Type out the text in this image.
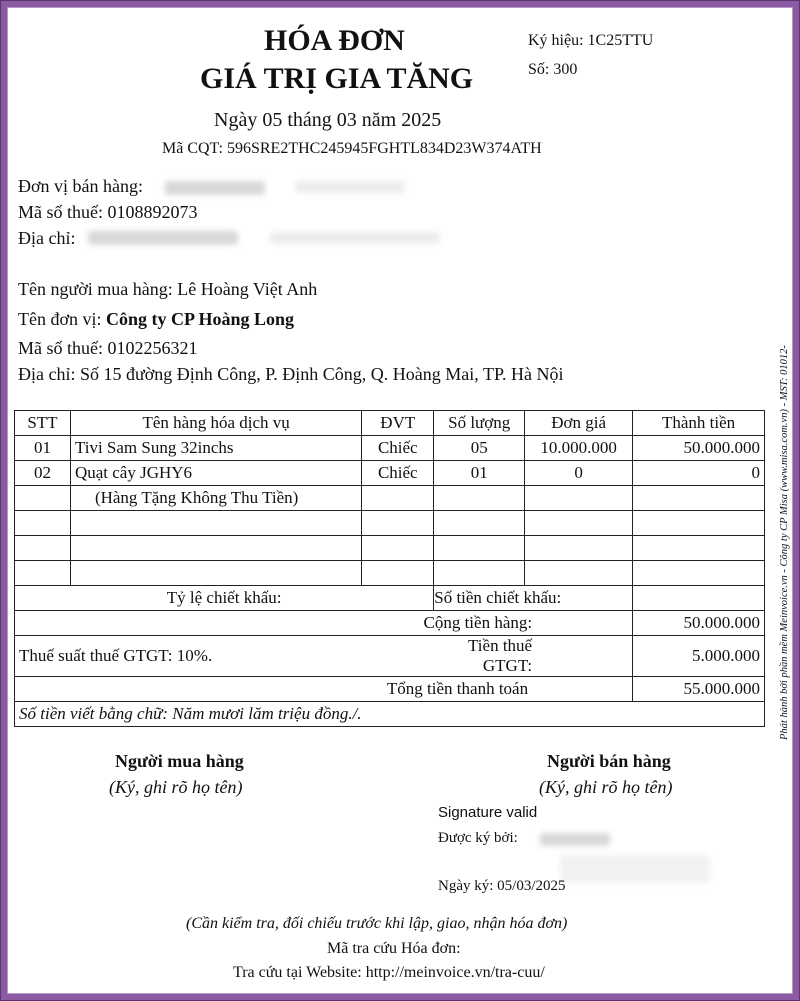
HÓA ĐƠN
GIÁ TRỊ GIA TĂNG
Ký hiệu: 1C25TTU
Số: 300
Ngày 05 tháng 03 năm 2025
Mã CQT: 596SRE2THC245945FGHTL834D23W374ATH
Đơn vị bán hàng:
Mã số thuế: 0108892073
Địa chỉ:
Tên người mua hàng: Lê Hoàng Việt Anh
Tên đơn vị: Công ty CP Hoàng Long
Mã số thuế: 0102256321
Địa chỉ: Số 15 đường Định Công, P. Định Công, Q. Hoàng Mai, TP. Hà Nội
STT	Tên hàng hóa dịch vụ	ĐVT	Số lượng	Đơn giá	Thành tiền
01	Tivi Sam Sung 32inchs	Chiếc	05	10.000.000	50.000.000
02	Quạt cây JGHY6	Chiếc	01	0	0
	(Hàng Tặng Không Thu Tiền)				

Tỷ lệ chiết khấu:			Số tiền chiết khấu:		
Cộng tiền hàng:					50.000.000
Thuế suất thuế GTGT: 10%.			Tiền thuế GTGT:		5.000.000
Tổng tiền thanh toán					55.000.000
Số tiền viết bằng chữ: Năm mươi lăm triệu đồng./.					
Người mua hàng
(Ký, ghi rõ họ tên)
Người bán hàng
(Ký, ghi rõ họ tên)
Signature valid
Được ký bởi:
Ngày ký: 05/03/2025
(Cần kiểm tra, đối chiếu trước khi lập, giao, nhận hóa đơn)
Mã tra cứu Hóa đơn:
Tra cứu tại Website: http://meinvoice.vn/tra-cuu/
Phát hành bởi phần mềm Meinvoice.vn - Công ty CP Misa (www.misa.com.vn) - MST: 01012-
